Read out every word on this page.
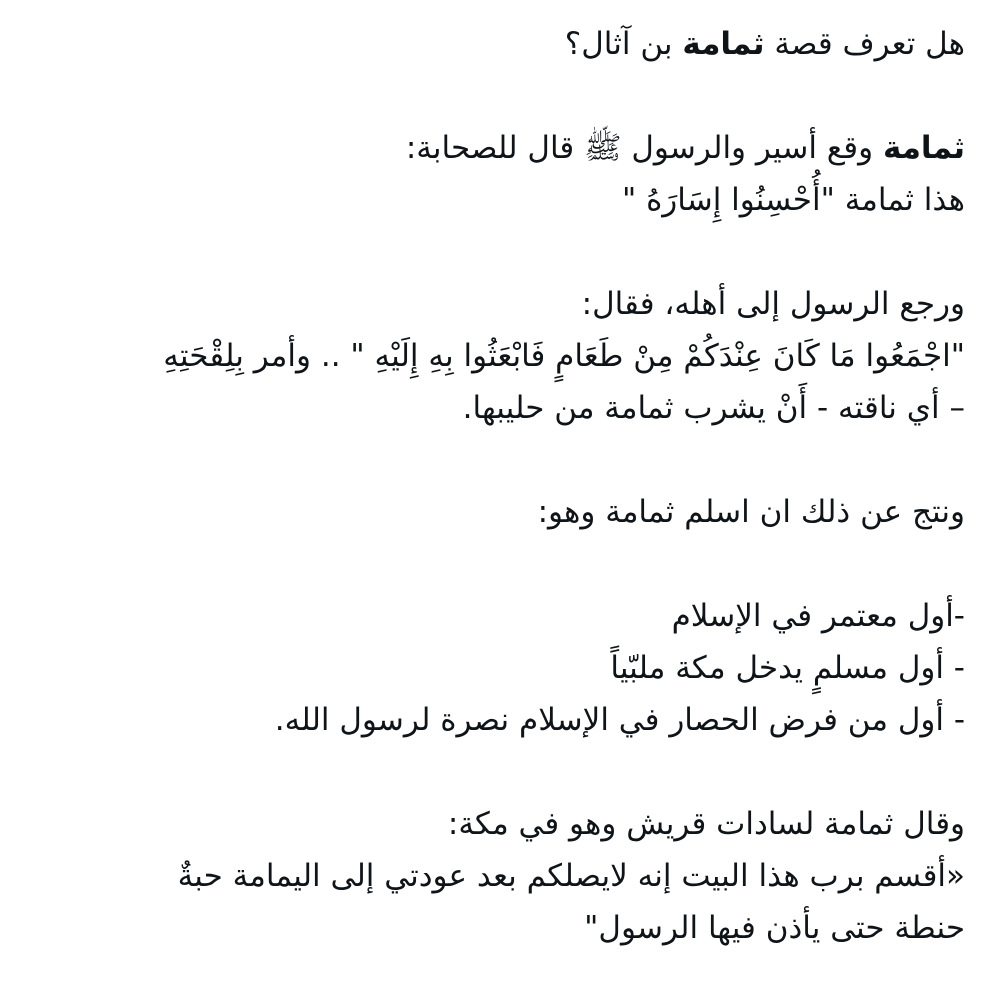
هل تعرف قصة ثمامة بن آثال؟
ثمامة وقع أسير والرسول ﷺ قال للصحابة:
هذا ثمامة "أُحْسِنُوا إِسَارَهُ "
ورجع الرسول إلى أهله، فقال:
"اجْمَعُوا مَا كَانَ عِنْدَكُمْ مِنْ طَعَامٍ فَابْعَثُوا بِهِ إِلَيْهِ " .. وأمر بِلِقْحَتِهِ
– أي ناقته - أَنْ يشرب ثمامة من حليبها.
ونتج عن ذلك ان اسلم ثمامة وهو:
-أول معتمر في الإسلام
- أول مسلمٍ يدخل مكة ملبّياً
- أول من فرض الحصار في الإسلام نصرة لرسول الله.
وقال ثمامة لسادات قريش وهو في مكة:
«أقسم برب هذا البيت إنه لايصلكم بعد عودتي إلى اليمامة حبةٌ
حنطة حتى يأذن فيها الرسول"
